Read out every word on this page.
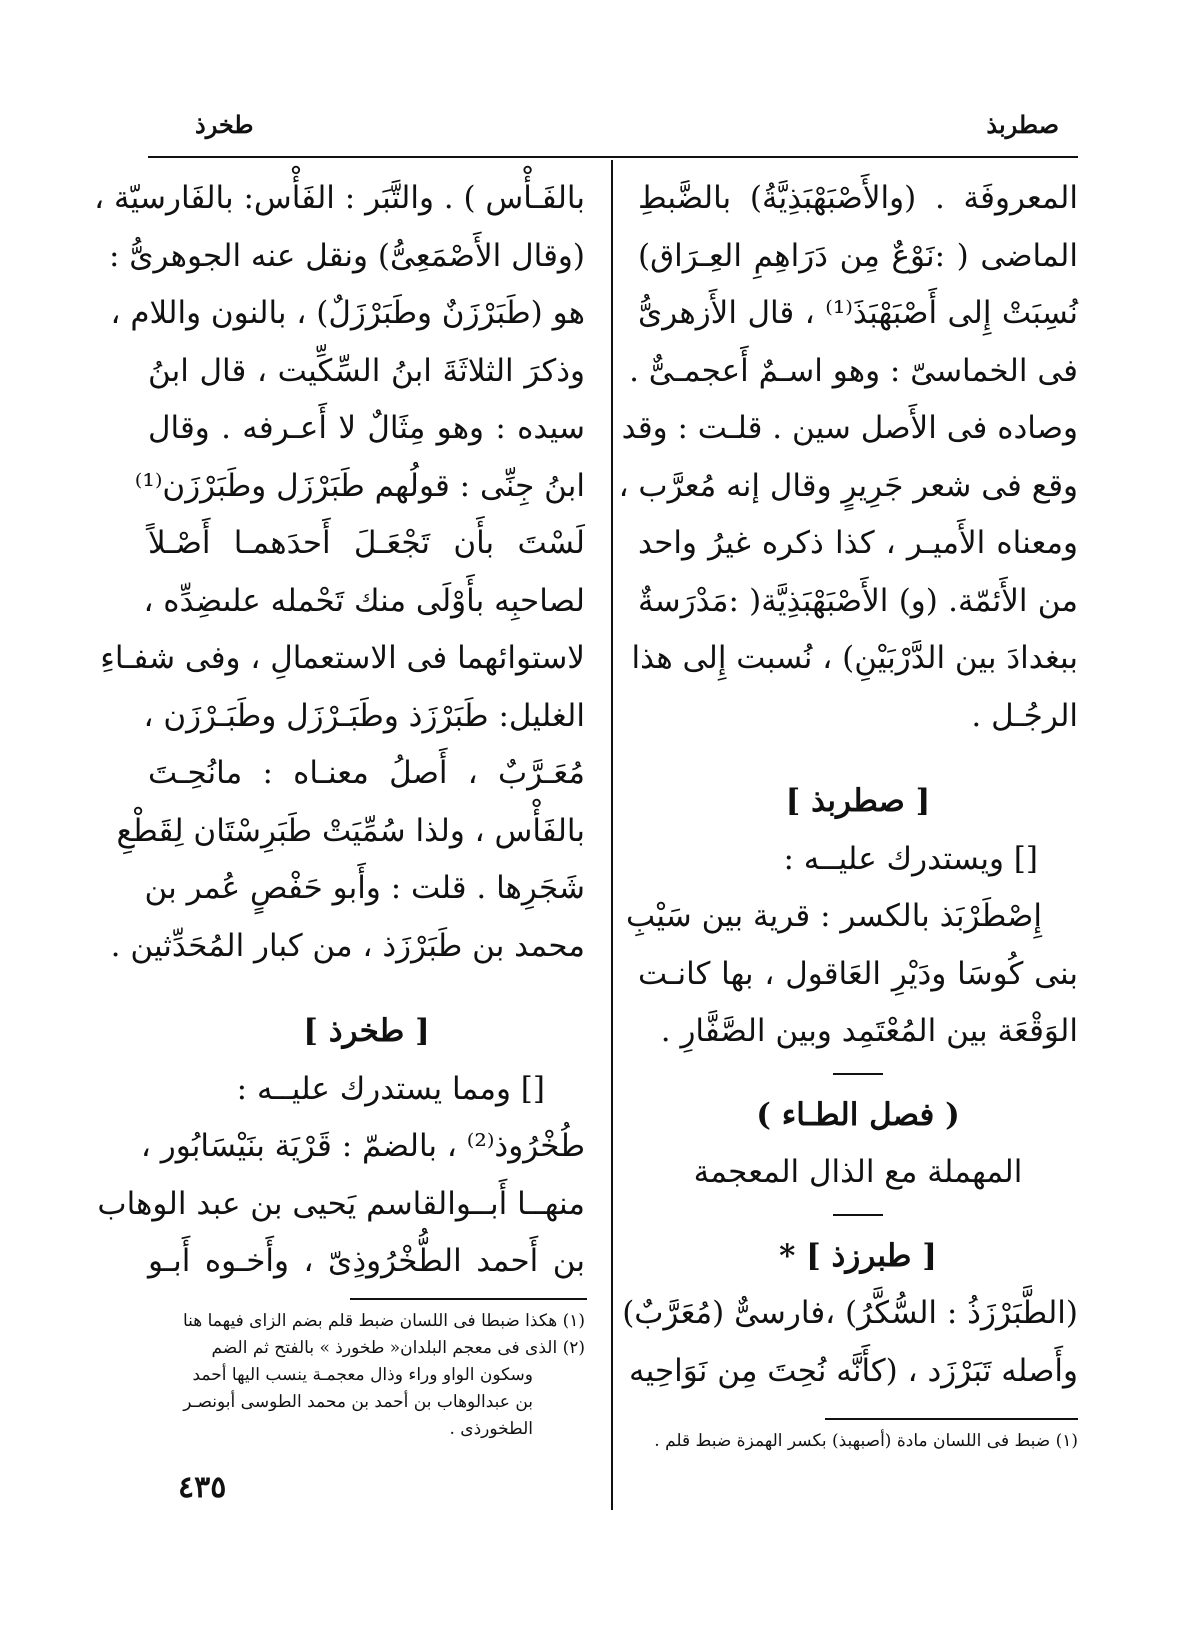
صطربذ
طخرذ
المعروفَة . (والأَصْبَهْبَذِيَّةُ) بالضَّبطِ
الماضى ( :نَوْعٌ مِن دَرَاهِمِ العِـرَاق)
نُسِبَتْ إِلى أَصْبَهْبَذَ⁽¹⁾ ، قال الأَزهرىُّ
فى الخماسىّ : وهو اسـمٌ أَعجمـىٌّ .
وصاده فى الأَصل سين . قلـت : وقد
وقع فى شعر جَرِيرٍ وقال إنه مُعرَّب ،
ومعناه الأَميـر ، كذا ذكره غيرُ واحد
من الأَئمّة. (و) الأَصْبَهْبَذِيَّة( :مَدْرَسةٌ
ببغدادَ بين الدَّرْبَيْنِ) ، نُسبت إِلى هذا
الرجُـل .
[ صطربذ ]
[] ويستدرك عليــه :
إِصْطَرْبَذ بالكسر : قرية بين سَيْبِ
بنى كُوسَا ودَيْرِ العَاقول ، بها كانـت
الوَقْعَة بين المُعْتَمِد وبين الصَّفَّارِ .
( فصل الطـاء )
المهملة مع الذال المعجمة
[ طبرزذ ] *
(الطَّبَرْزَذُ : السُّكَّرُ) ،فارسىٌّ (مُعَرَّبٌ)
وأَصله تَبَرْزَد ، (كأَنَّه نُحِتَ مِن نَوَاحِيه
بالفَـأْس ) . والتَّبَر : الفَأْس: بالفَارسيّة ،
(وقال الأَصْمَعِىُّ) ونقل عنه الجوهرىُّ :
هو (طَبَرْزَنٌ وطَبَرْزَلٌ) ، بالنون واللام ،
وذكرَ الثلاثَةَ ابنُ السِّكِّيت ، قال ابنُ
سيده : وهو مِثَالٌ لا أَعـرفه . وقال
ابنُ جِنِّى : قولُهم طَبَرْزَل وطَبَرْزَن⁽¹⁾
لَسْتَ بأَن تَجْعَـلَ أَحدَهمـا أَصْـلاً
لصاحبِه بأَوْلَى منك تَحْمله علىضِدِّه ،
لاستوائهما فى الاستعمالِ ، وفى شفـاءِ
الغليل: طَبَرْزَذ وطَبَـرْزَل وطَبَـرْزَن ،
مُعَـرَّبٌ ، أَصلُ معنـاه : مانُحِـتَ
بالفَأْس ، ولذا سُمِّيَتْ طَبَرِسْتَان لِقَطْعِ
شَجَرِها . قلت : وأَبو حَفْصٍ عُمر بن
محمد بن طَبَرْزَذ ، من كبار المُحَدِّثين .
[ طخرذ ]
[] ومما يستدرك عليــه :
طُخْرُوذ⁽²⁾ ، بالضمّ : قَرْيَة بنَيْسَابُور ،
منهــا أَبــوالقاسم يَحيى بن عبد الوهاب
بن أَحمد الطُّخْرُوذِىّ ، وأَخـوه أَبـو
(١) هكذا ضبطا فى اللسان ضبط قلم بضم الزاى فيهما هنا
(٢) الذى فى معجم البلدان« طخورذ » بالفتح ثم الضم
وسكون الواو وراء وذال معجمـة ينسب اليها أحمد
بن عبدالوهاب بن أحمد بن محمد الطوسى أبونصـر
الطخورذى .
(١) ضبط فى اللسان مادة (أصبهبذ) بكسر الهمزة ضبط قلم .
٤٣٥
